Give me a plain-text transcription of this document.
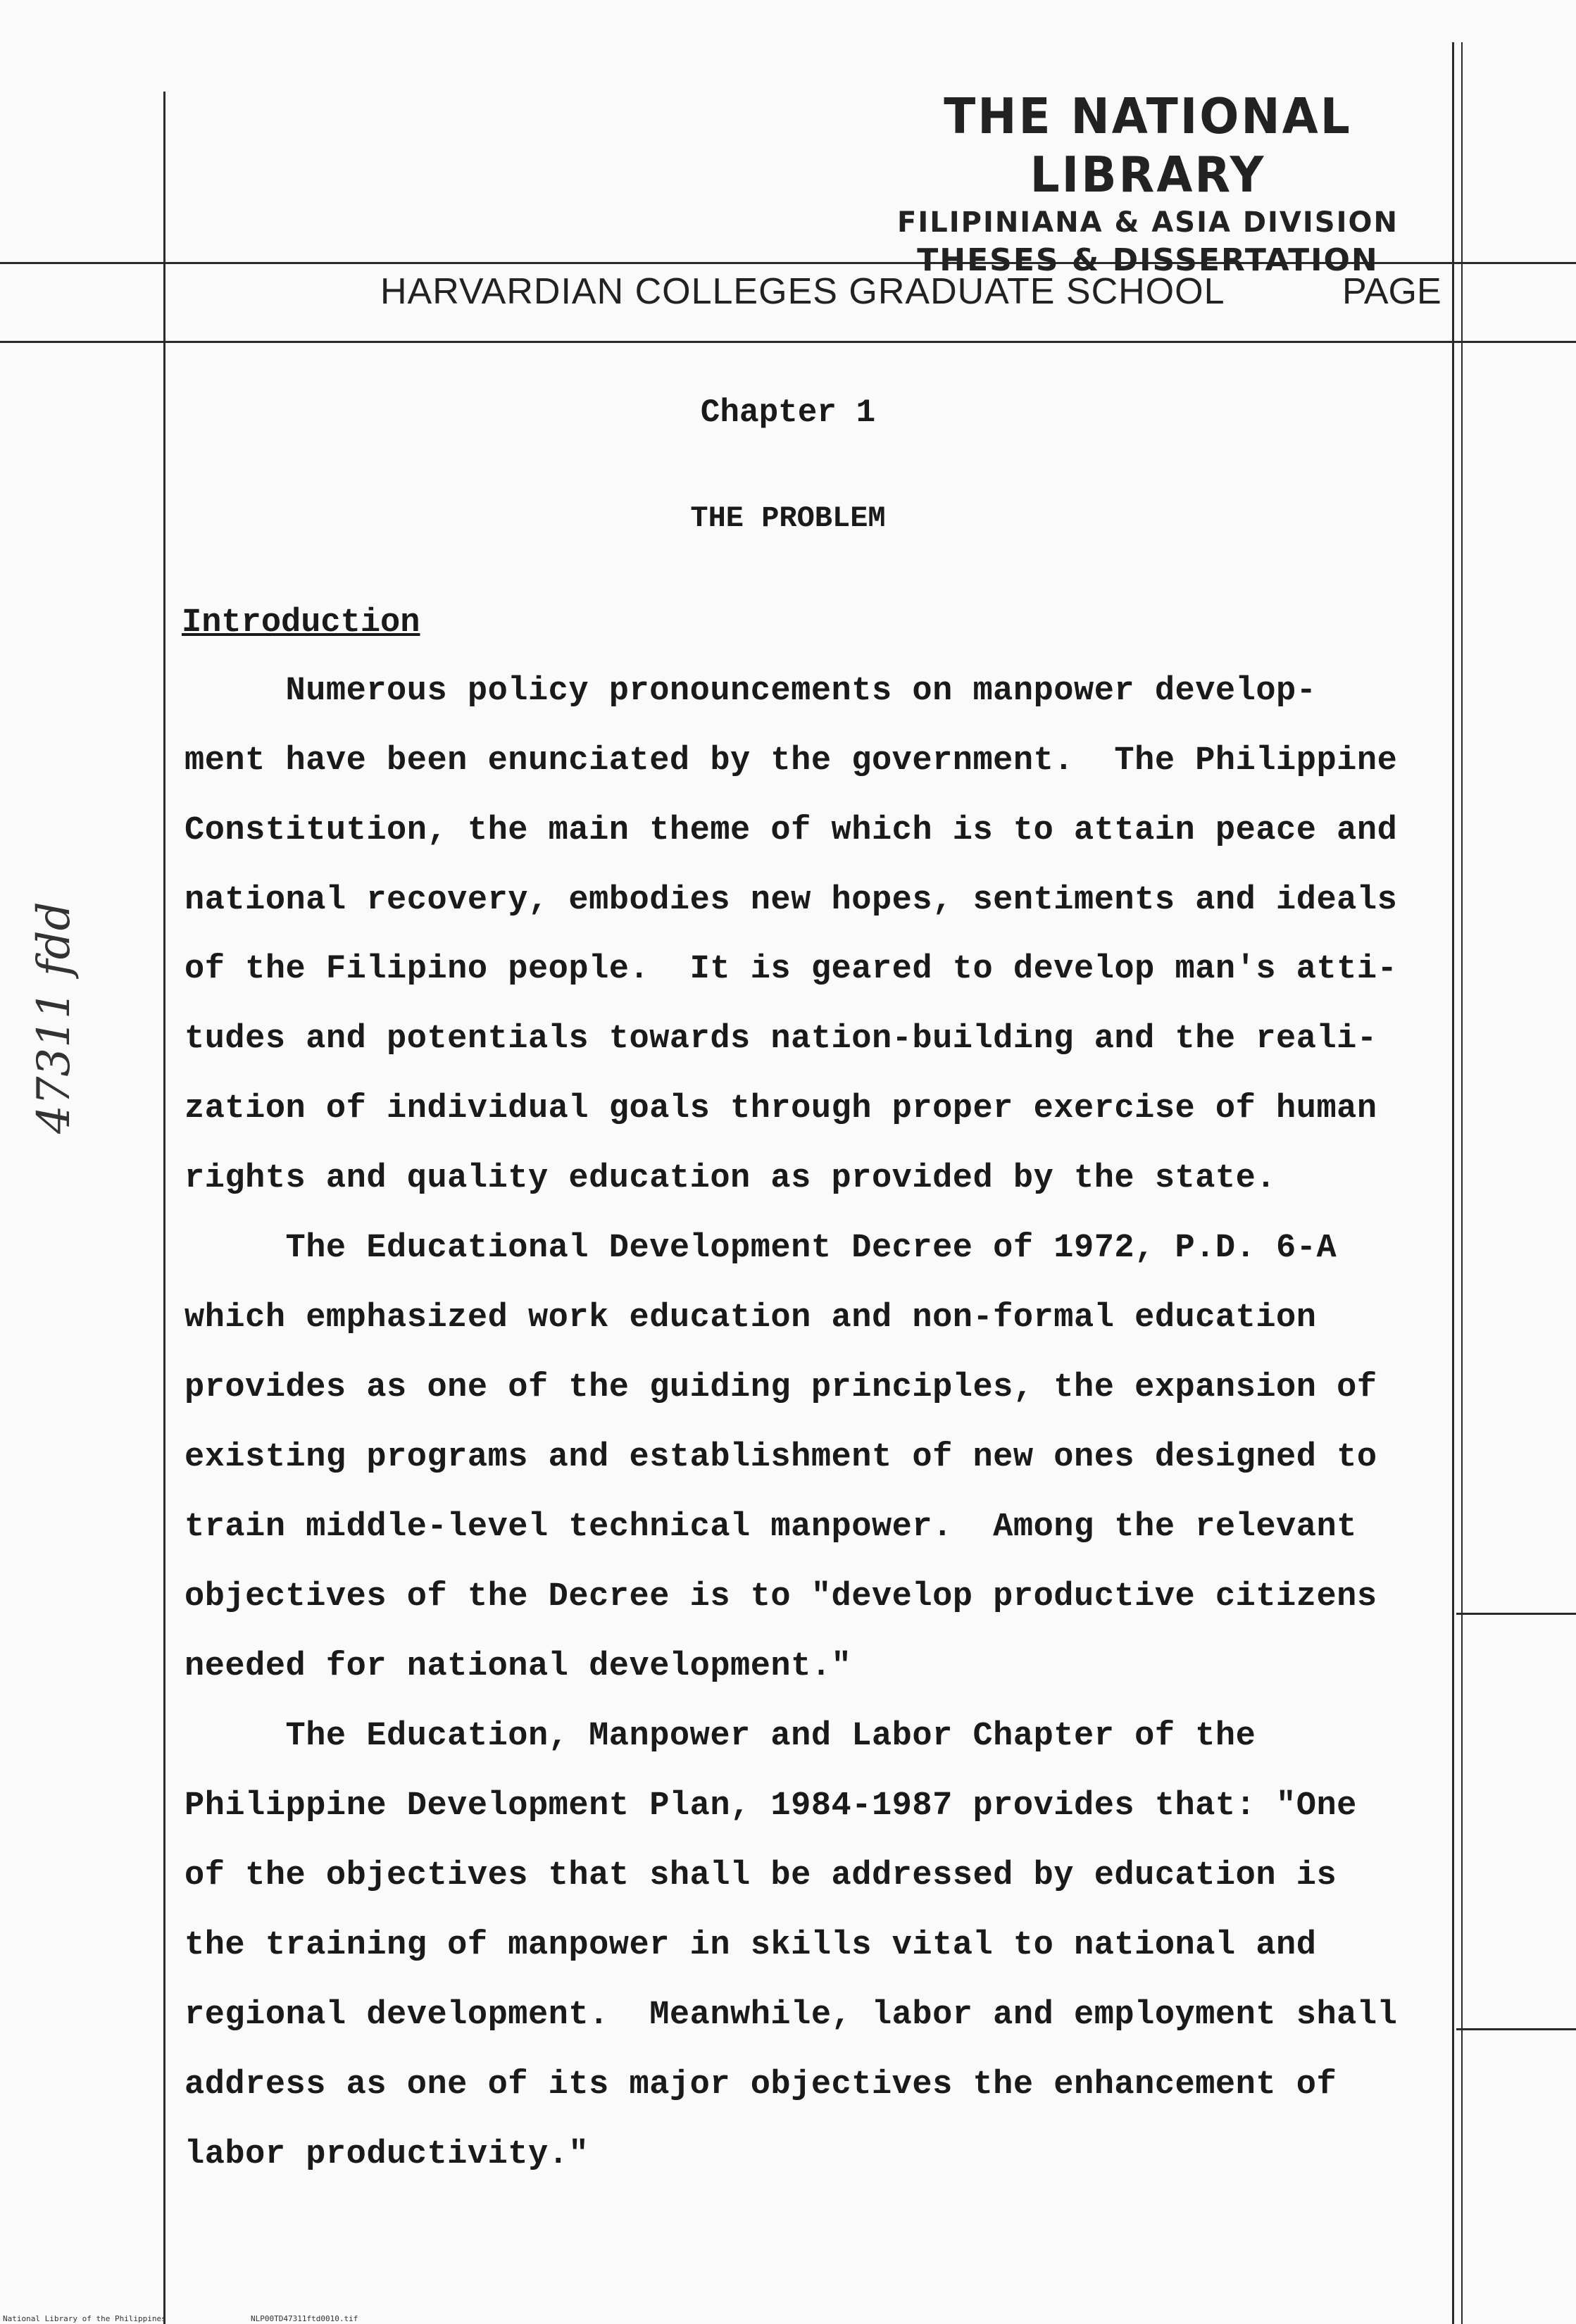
THE NATIONAL LIBRARY
FILIPINIANA & ASIA DIVISION
THESES & DISSERTATION
HARVARDIAN COLLEGES GRADUATE SCHOOL	PAGE
Chapter 1
THE PROBLEM
Introduction
Numerous policy pronouncements on manpower develop-
ment have been enunciated by the government.  The Philippine
Constitution, the main theme of which is to attain peace and
national recovery, embodies new hopes, sentiments and ideals
of the Filipino people.  It is geared to develop man's atti-
tudes and potentials towards nation-building and the reali-
zation of individual goals through proper exercise of human
rights and quality education as provided by the state.
The Educational Development Decree of 1972, P.D. 6-A
which emphasized work education and non-formal education
provides as one of the guiding principles, the expansion of
existing programs and establishment of new ones designed to
train middle-level technical manpower.  Among the relevant
objectives of the Decree is to "develop productive citizens
needed for national development."
The Education, Manpower and Labor Chapter of the
Philippine Development Plan, 1984-1987 provides that: "One
of the objectives that shall be addressed by education is
the training of manpower in skills vital to national and
regional development.  Meanwhile, labor and employment shall
address as one of its major objectives the enhancement of
labor productivity."
47311 fdd
National Library of the Philippines	NLP00TD47311ftd0010.tif
